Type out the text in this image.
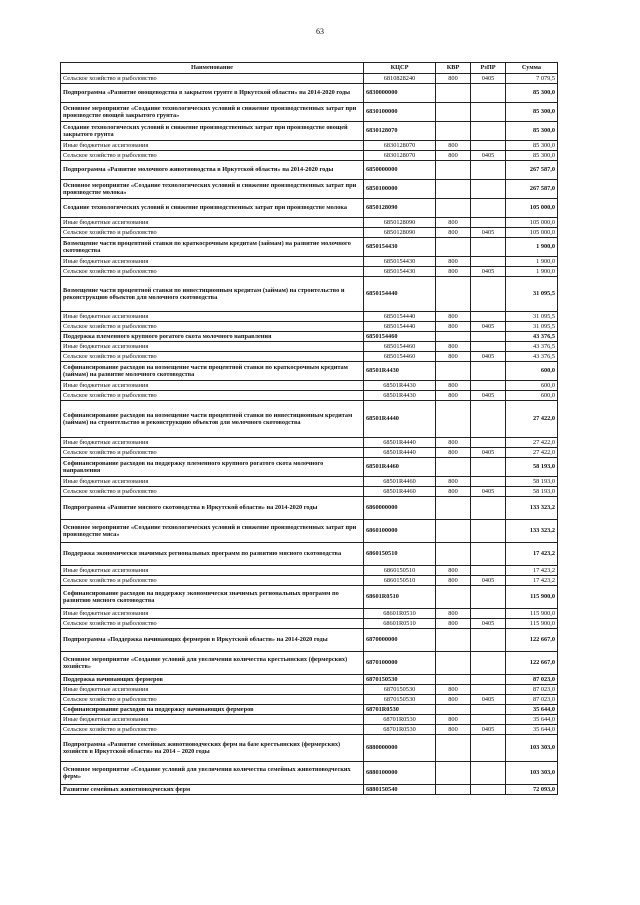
63
Наименование	КЦСР	КВР	РзПР	Сумма
Сельское хозяйство и рыболовство	6810828240	800	0405	7 079,5
Подпрограмма «Развитие овощеводства в закрытом грунте в Иркутской области» на 2014-2020 годы	6830000000			85 300,0
Основное мероприятие «Создание технологических условий и снижение производственных затрат при производстве овощей закрытого грунта»	6830100000			85 300,0
Создание технологических условий и снижение производственных затрат при производстве овощей закрытого грунта	6830128070			85 300,0
Иные бюджетные ассигнования	6830128070	800		85 300,0
Сельское хозяйство и рыболовство	6830128070	800	0405	85 300,0
Подпрограмма «Развитие молочного животноводства в Иркутской области» на 2014-2020 годы	6850000000			267 587,0
Основное мероприятие «Создание технологических условий и снижение производственных затрат при производстве молока»	6850100000			267 587,0
Создание технологических условий и снижение производственных затрат при производстве молока	6850128090			105 000,0
Иные бюджетные ассигнования	6850128090	800		105 000,0
Сельское хозяйство и рыболовство	6850128090	800	0405	105 000,0
Возмещение части процентной ставки по краткосрочным кредитам (займам) на развитие молочного скотоводства	6850154430			1 900,0
Иные бюджетные ассигнования	6850154430	800		1 900,0
Сельское хозяйство и рыболовство	6850154430	800	0405	1 900,0
Возмещение части процентной ставки по инвестиционным кредитам (займам) на строительство и реконструкцию объектов для молочного скотоводства	6850154440			31 095,5
Иные бюджетные ассигнования	6850154440	800		31 095,5
Сельское хозяйство и рыболовство	6850154440	800	0405	31 095,5
Поддержка племенного крупного рогатого скота молочного направления	6850154460			43 376,5
Иные бюджетные ассигнования	6850154460	800		43 376,5
Сельское хозяйство и рыболовство	6850154460	800	0405	43 376,5
Софинансирование расходов на возмещение части процентной ставки по краткосрочным кредитам (займам) на развитие молочного скотоводства	68501R4430			600,0
Иные бюджетные ассигнования	68501R4430	800		600,0
Сельское хозяйство и рыболовство	68501R4430	800	0405	600,0
Софинансирование расходов на возмещение части процентной ставки по инвестиционным кредитам (займам) на строительство и реконструкцию объектов для молочного скотоводства	68501R4440			27 422,0
Иные бюджетные ассигнования	68501R4440	800		27 422,0
Сельское хозяйство и рыболовство	68501R4440	800	0405	27 422,0
Софинансирование расходов на поддержку племенного крупного рогатого скота молочного направления	68501R4460			58 193,0
Иные бюджетные ассигнования	68501R4460	800		58 193,0
Сельское хозяйство и рыболовство	68501R4460	800	0405	58 193,0
Подпрограмма «Развитие мясного скотоводства в Иркутской области» на 2014-2020 годы	6860000000			133 323,2
Основное мероприятие «Создание технологических условий и снижение производственных затрат при производстве мяса»	6860100000			133 323,2
Поддержка экономически значимых региональных программ по развитию мясного скотоводства	6860150510			17 423,2
Иные бюджетные ассигнования	6860150510	800		17 423,2
Сельское хозяйство и рыболовство	6860150510	800	0405	17 423,2
Софинансирование расходов на поддержку экономически значимых региональных программ по развитию мясного скотоводства	68601R0510			115 900,0
Иные бюджетные ассигнования	68601R0510	800		115 900,0
Сельское хозяйство и рыболовство	68601R0510	800	0405	115 900,0
Подпрограмма «Поддержка начинающих фермеров в Иркутской области» на 2014-2020 годы	6870000000			122 667,0
Основное мероприятие «Создание условий для увеличения количества крестьянских (фермерских) хозяйств»	6870100000			122 667,0
Поддержка начинающих фермеров	6870150530			87 023,0
Иные бюджетные ассигнования	6870150530	800		87 023,0
Сельское хозяйство и рыболовство	6870150530	800	0405	87 023,0
Софинансирование расходов на поддержку начинающих фермеров	68701R0530			35 644,0
Иные бюджетные ассигнования	68701R0530	800		35 644,0
Сельское хозяйство и рыболовство	68701R0530	800	0405	35 644,0
Подпрограмма «Развитие семейных животноводческих ферм на базе крестьянских (фермерских) хозяйств в Иркутской области» на 2014 – 2020 годы	6880000000			103 303,0
Основное мероприятие «Создание условий для увеличения количества семейных животноводческих ферм»	6880100000			103 303,0
Развитие семейных животноводческих ферм	6880150540			72 093,0
